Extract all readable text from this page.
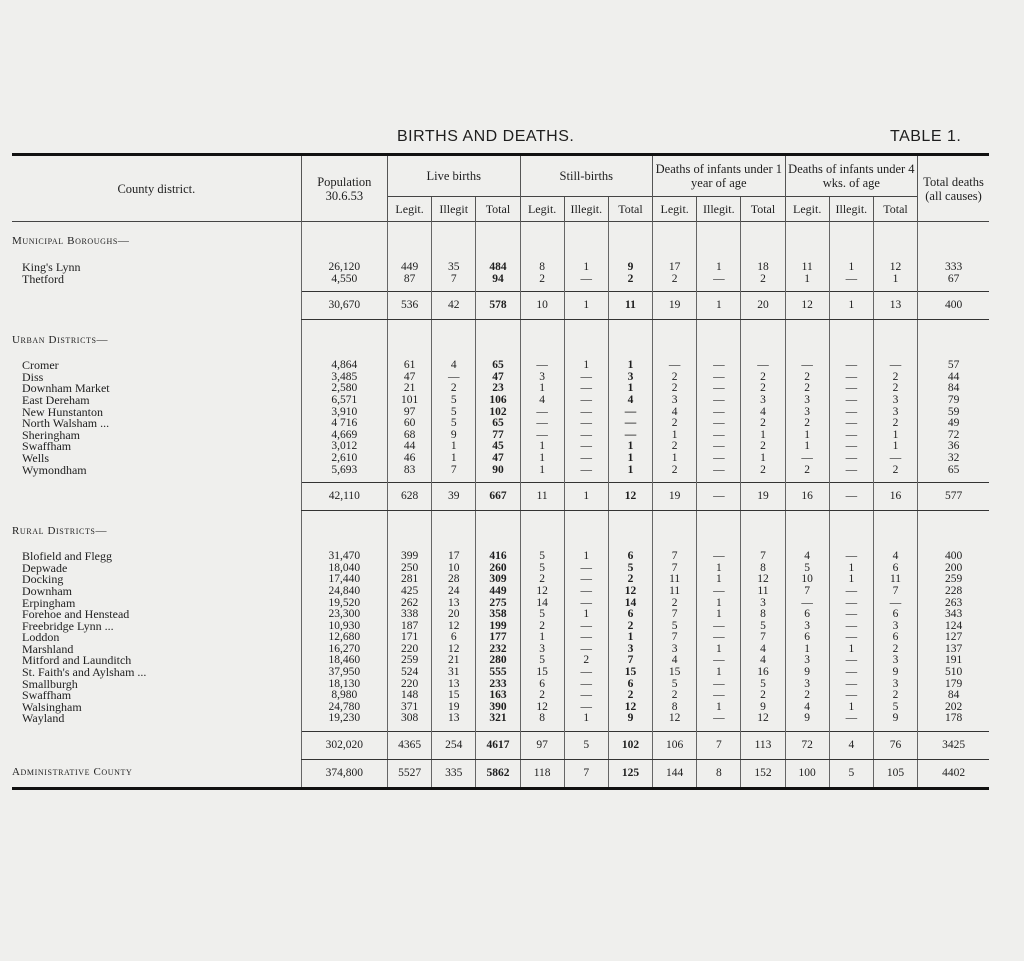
BIRTHS AND DEATHS.	TABLE 1.
County district.	Population 30.6.53	Live births			Still-births			Deaths of infants under 1 year of age			Deaths of infants under 4 wks. of age			Total deaths (all causes)
		Legit.	Illegit	Total	Legit.	Illegit.	Total	Legit.	Illegit.	Total	Legit.	Illegit.	Total	
Municipal Boroughs—														

King's Lynn	26,120	449	35	484	8	1	9	17	1	18	11	1	12	333
Thetford	4,550	87	7	94	2	—	2	2	—	2	1	—	1	67

	30,670	536	42	578	10	1	11	19	1	20	12	1	13	400
Urban Districts—														

Cromer	4,864	61	4	65	—	1	1	—	—	—	—	—	—	57
Diss	3,485	47	—	47	3	—	3	2	—	2	2	—	2	44
Downham Market	2,580	21	2	23	1	—	1	2	—	2	2	—	2	84
East Dereham	6,571	101	5	106	4	—	4	3	—	3	3	—	3	79
New Hunstanton	3,910	97	5	102	—	—	—	4	—	4	3	—	3	59
North Walsham ...	4 716	60	5	65	—	—	—	2	—	2	2	—	2	49
Sheringham	4,669	68	9	77	—	—	—	1	—	1	1	—	1	72
Swaffham	3,012	44	1	45	1	—	1	2	—	2	1	—	1	36
Wells	2,610	46	1	47	1	—	1	1	—	1	—	—	—	32
Wymondham	5,693	83	7	90	1	—	1	2	—	2	2	—	2	65

	42,110	628	39	667	11	1	12	19	—	19	16	—	16	577
Rural Districts—														

Blofield and Flegg	31,470	399	17	416	5	1	6	7	—	7	4	—	4	400
Depwade	18,040	250	10	260	5	—	5	7	1	8	5	1	6	200
Docking	17,440	281	28	309	2	—	2	11	1	12	10	1	11	259
Downham	24,840	425	24	449	12	—	12	11	—	11	7	—	7	228
Erpingham	19,520	262	13	275	14	—	14	2	1	3	—	—	—	263
Forehoe and Henstead	23,300	338	20	358	5	1	6	7	1	8	6	—	6	343
Freebridge Lynn ...	10,930	187	12	199	2	—	2	5	—	5	3	—	3	124
Loddon	12,680	171	6	177	1	—	1	7	—	7	6	—	6	127
Marshland	16,270	220	12	232	3	—	3	3	1	4	1	1	2	137
Mitford and Launditch	18,460	259	21	280	5	2	7	4	—	4	3	—	3	191
St. Faith's and Aylsham ...	37,950	524	31	555	15	—	15	15	1	16	9	—	9	510
Smallburgh	18,130	220	13	233	6	—	6	5	—	5	3	—	3	179
Swaffham	8,980	148	15	163	2	—	2	2	—	2	2	—	2	84
Walsingham	24,780	371	19	390	12	—	12	8	1	9	4	1	5	202
Wayland	19,230	308	13	321	8	1	9	12	—	12	9	—	9	178

	302,020	4365	254	4617	97	5	102	106	7	113	72	4	76	3425
Administrative County	374,800	5527	335	5862	118	7	125	144	8	152	100	5	105	4402
